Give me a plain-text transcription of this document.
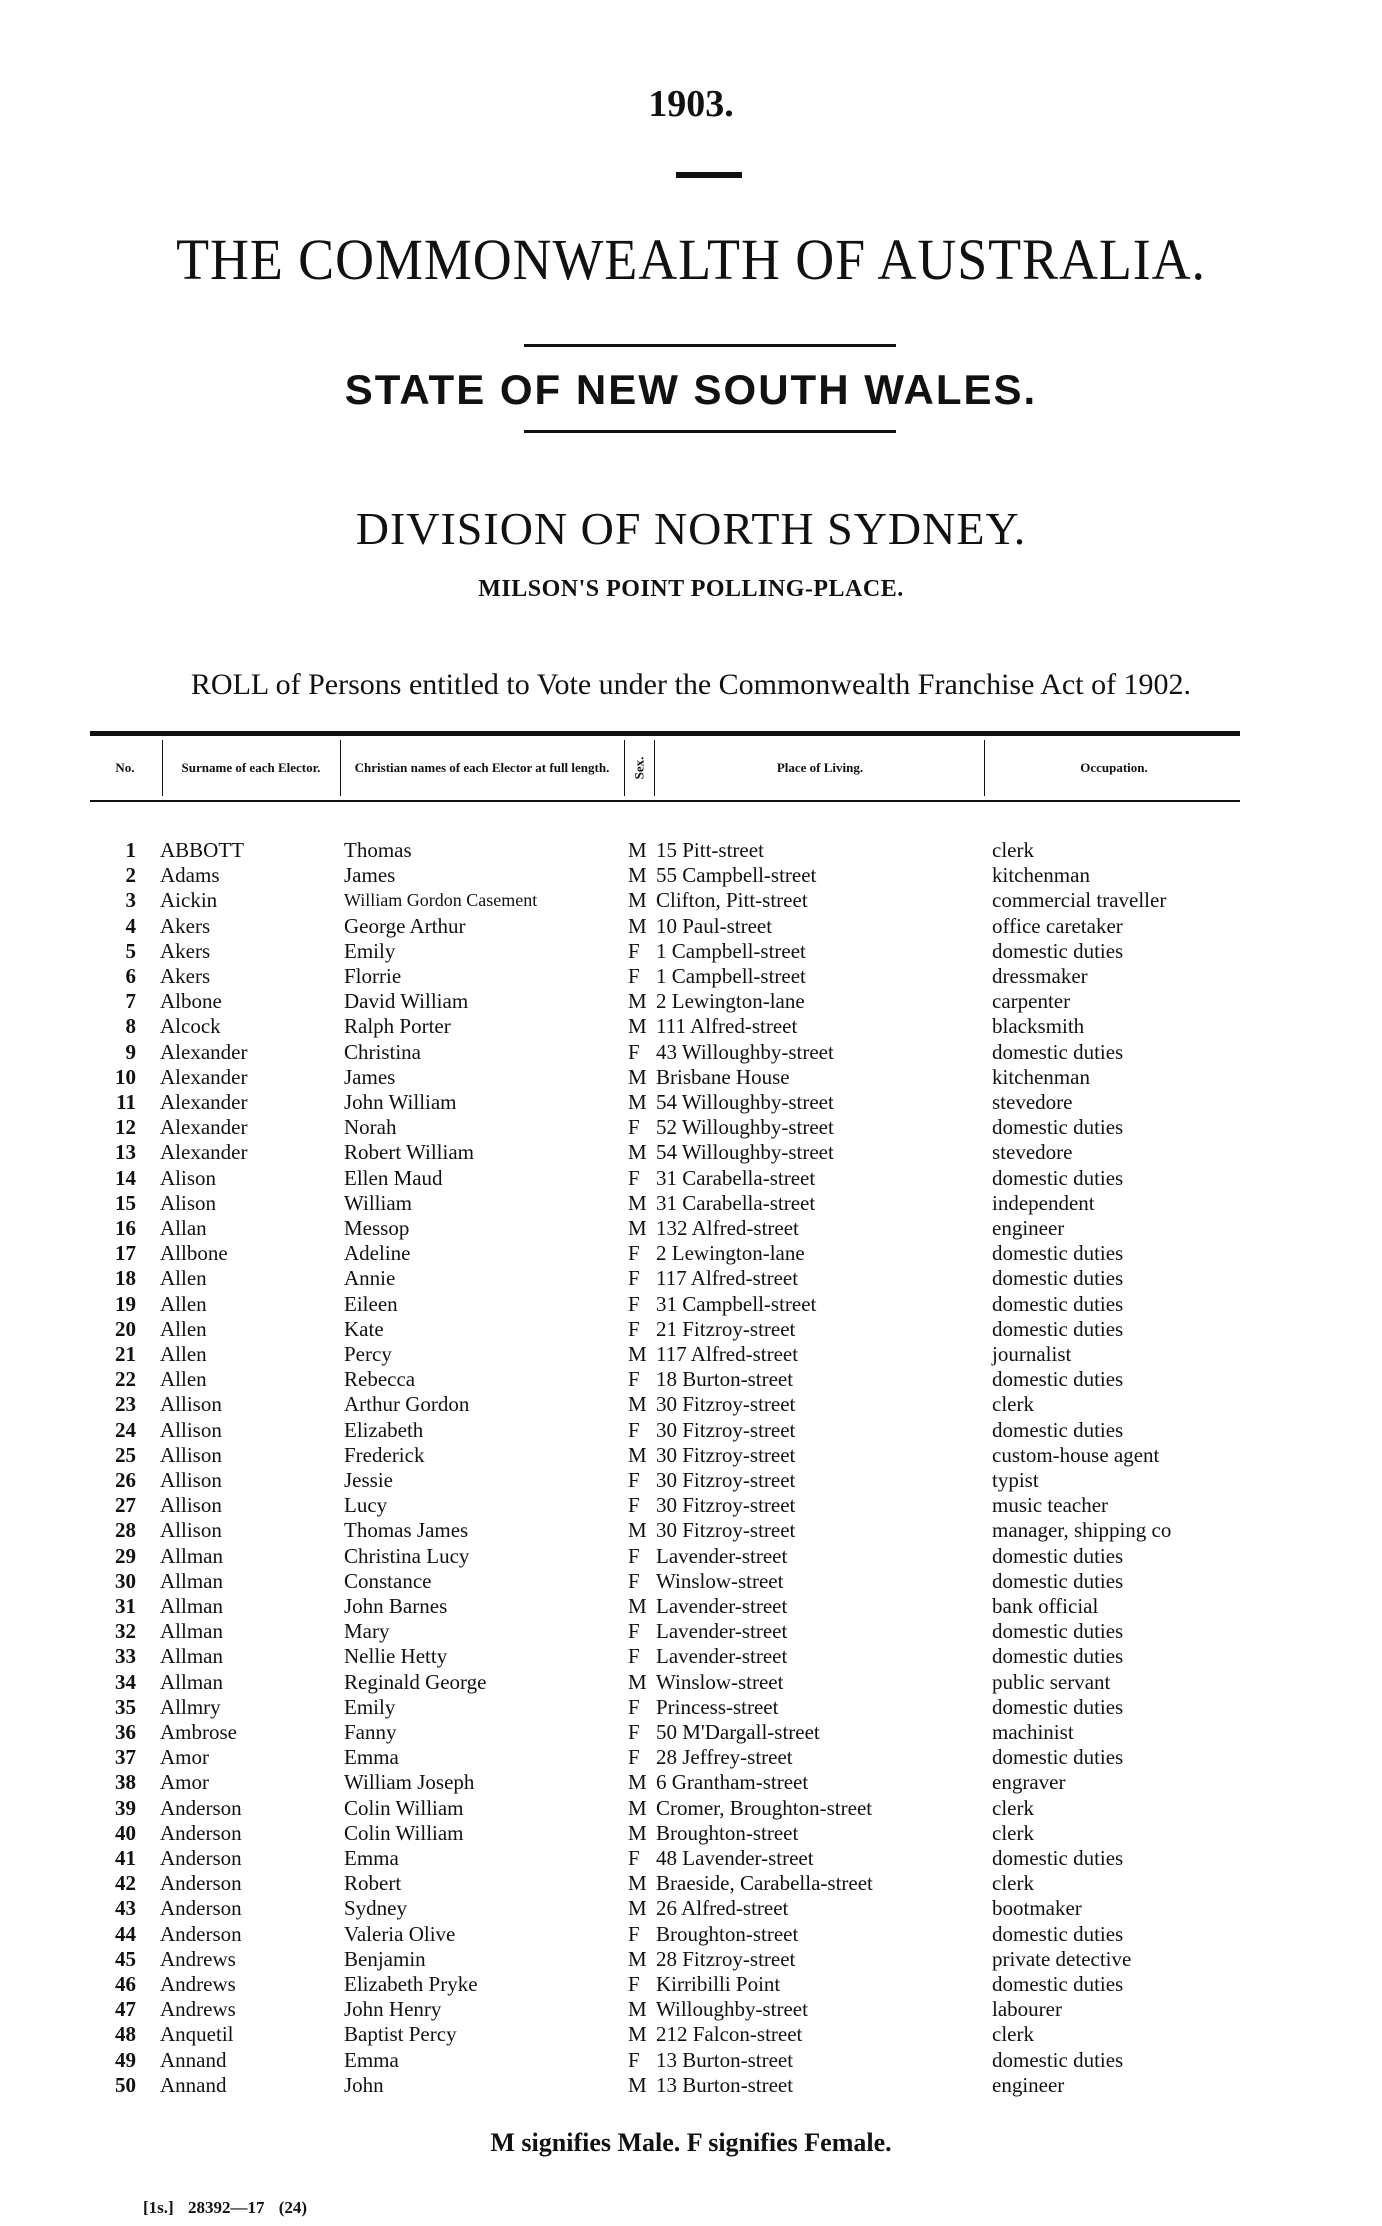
1903.
THE COMMONWEALTH OF AUSTRALIA.
STATE OF NEW SOUTH WALES.
DIVISION OF NORTH SYDNEY.
MILSON'S POINT POLLING-PLACE.
ROLL of Persons entitled to Vote under the Commonwealth Franchise Act of 1902.
No.	Surname of each Elector.	Christian names of each Elector at full length.	Sex.	Place of Living.	Occupation.
1 ABBOTT	Thomas	M 15 Pitt-street	clerk
2 Adams	James	M 55 Campbell-street	kitchenman
3 Aickin	William Gordon Casement	M Clifton, Pitt-street	commercial traveller
4 Akers	George Arthur	M 10 Paul-street	office caretaker
5 Akers	Emily	F 1 Campbell-street	domestic duties
6 Akers	Florrie	F 1 Campbell-street	dressmaker
7 Albone	David William	M 2 Lewington-lane	carpenter
8 Alcock	Ralph Porter	M 111 Alfred-street	blacksmith
9 Alexander	Christina	F 43 Willoughby-street	domestic duties
10 Alexander	James	M Brisbane House	kitchenman
11 Alexander	John William	M 54 Willoughby-street	stevedore
12 Alexander	Norah	F 52 Willoughby-street	domestic duties
13 Alexander	Robert William	M 54 Willoughby-street	stevedore
14 Alison	Ellen Maud	F 31 Carabella-street	domestic duties
15 Alison	William	M 31 Carabella-street	independent
16 Allan	Messop	M 132 Alfred-street	engineer
17 Allbone	Adeline	F 2 Lewington-lane	domestic duties
18 Allen	Annie	F 117 Alfred-street	domestic duties
19 Allen	Eileen	F 31 Campbell-street	domestic duties
20 Allen	Kate	F 21 Fitzroy-street	domestic duties
21 Allen	Percy	M 117 Alfred-street	journalist
22 Allen	Rebecca	F 18 Burton-street	domestic duties
23 Allison	Arthur Gordon	M 30 Fitzroy-street	clerk
24 Allison	Elizabeth	F 30 Fitzroy-street	domestic duties
25 Allison	Frederick	M 30 Fitzroy-street	custom-house agent
26 Allison	Jessie	F 30 Fitzroy-street	typist
27 Allison	Lucy	F 30 Fitzroy-street	music teacher
28 Allison	Thomas James	M 30 Fitzroy-street	manager, shipping co
29 Allman	Christina Lucy	F Lavender-street	domestic duties
30 Allman	Constance	F Winslow-street	domestic duties
31 Allman	John Barnes	M Lavender-street	bank official
32 Allman	Mary	F Lavender-street	domestic duties
33 Allman	Nellie Hetty	F Lavender-street	domestic duties
34 Allman	Reginald George	M Winslow-street	public servant
35 Allmry	Emily	F Princess-street	domestic duties
36 Ambrose	Fanny	F 50 M'Dargall-street	machinist
37 Amor	Emma	F 28 Jeffrey-street	domestic duties
38 Amor	William Joseph	M 6 Grantham-street	engraver
39 Anderson	Colin William	M Cromer, Broughton-street	clerk
40 Anderson	Colin William	M Broughton-street	clerk
41 Anderson	Emma	F 48 Lavender-street	domestic duties
42 Anderson	Robert	M Braeside, Carabella-street	clerk
43 Anderson	Sydney	M 26 Alfred-street	bootmaker
44 Anderson	Valeria Olive	F Broughton-street	domestic duties
45 Andrews	Benjamin	M 28 Fitzroy-street	private detective
46 Andrews	Elizabeth Pryke	F Kirribilli Point	domestic duties
47 Andrews	John Henry	M Willoughby-street	labourer
48 Anquetil	Baptist Percy	M 212 Falcon-street	clerk
49 Annand	Emma	F 13 Burton-street	domestic duties
50 Annand	John	M 13 Burton-street	engineer
M signifies Male. F signifies Female.
[1s.] 28392—17 (24)
